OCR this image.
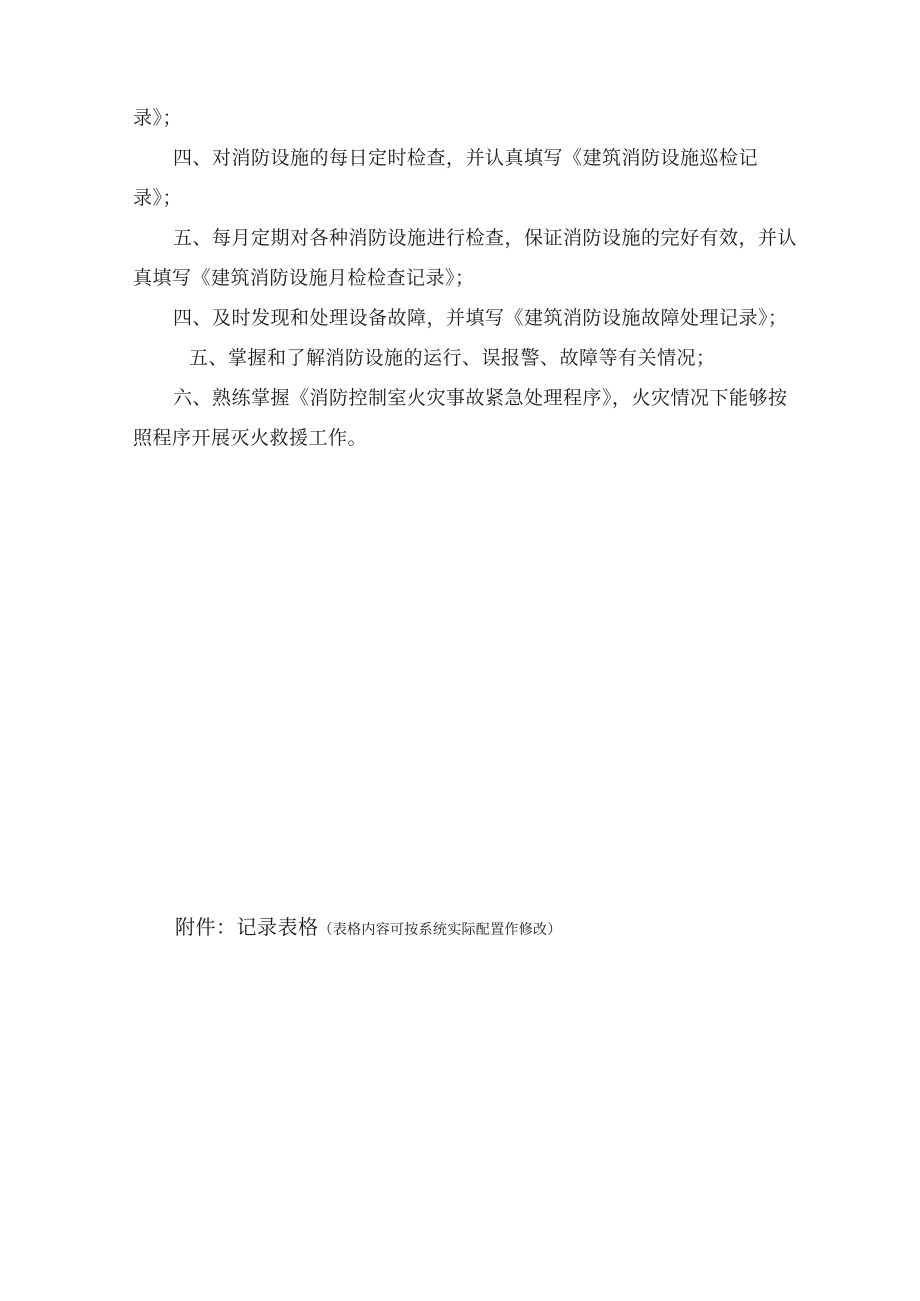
录》；

四、对消防设施的每日定时检查，并认真填写《建筑消防设施巡检记
录》；

五、每月定期对各种消防设施进行检查，保证消防设施的完好有效，并认
真填写《建筑消防设施月检检查记录》；

四、及时发现和处理设备故障，并填写《建筑消防设施故障处理记录》；

五、掌握和了解消防设施的运行、误报警、故障等有关情况；

六、熟练掌握《消防控制室火灾事故紧急处理程序》，火灾情况下能够按
照程序开展灭火救援工作。

附件：记录表格（表格内容可按系统实际配置作修改）
